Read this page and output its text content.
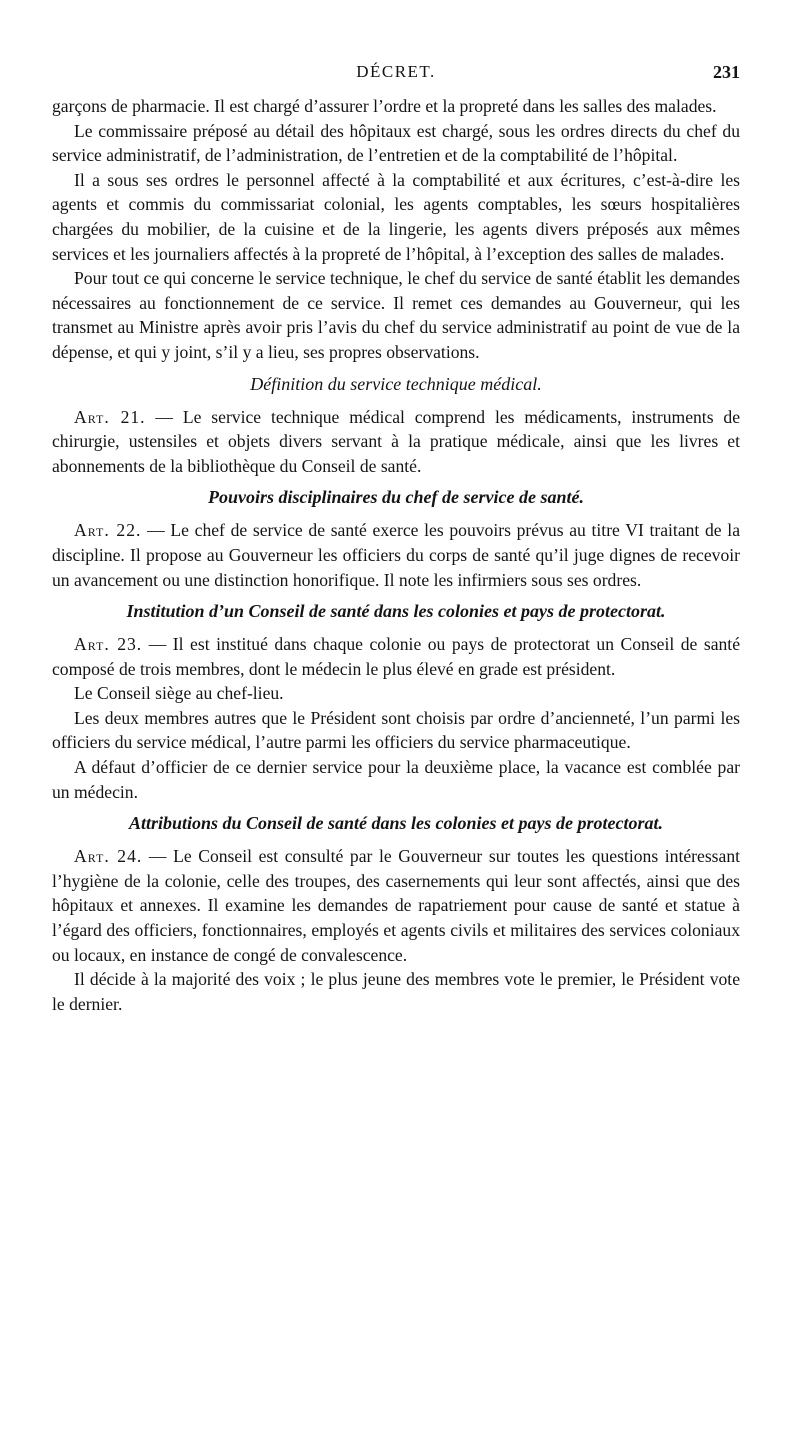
DÉCRET.	231

garçons de pharmacie. Il est chargé d’assurer l’ordre et la propreté dans les salles des malades.

Le commissaire préposé au détail des hôpitaux est chargé, sous les ordres directs du chef du service administratif, de l’administration, de l’entretien et de la comptabilité de l’hôpital.

Il a sous ses ordres le personnel affecté à la comptabilité et aux écritures, c’est-à-dire les agents et commis du commissariat colonial, les agents comptables, les sœurs hospitalières chargées du mobilier, de la cuisine et de la lingerie, les agents divers préposés aux mêmes services et les journaliers affectés à la propreté de l’hôpital, à l’exception des salles de malades.

Pour tout ce qui concerne le service technique, le chef du service de santé établit les demandes nécessaires au fonctionnement de ce service. Il remet ces demandes au Gouverneur, qui les transmet au Ministre après avoir pris l’avis du chef du service administratif au point de vue de la dépense, et qui y joint, s’il y a lieu, ses propres observations.

Définition du service technique médical.

Art. 21. — Le service technique médical comprend les médicaments, instruments de chirurgie, ustensiles et objets divers servant à la pratique médicale, ainsi que les livres et abonnements de la bibliothèque du Conseil de santé.

Pouvoirs disciplinaires du chef de service de santé.

Art. 22. — Le chef de service de santé exerce les pouvoirs prévus au titre VI traitant de la discipline. Il propose au Gouverneur les officiers du corps de santé qu’il juge dignes de recevoir un avancement ou une distinction honorifique. Il note les infirmiers sous ses ordres.

Institution d’un Conseil de santé dans les colonies et pays de protectorat.

Art. 23. — Il est institué dans chaque colonie ou pays de protectorat un Conseil de santé composé de trois membres, dont le médecin le plus élevé en grade est président.

Le Conseil siège au chef-lieu.

Les deux membres autres que le Président sont choisis par ordre d’ancienneté, l’un parmi les officiers du service médical, l’autre parmi les officiers du service pharmaceutique.

A défaut d’officier de ce dernier service pour la deuxième place, la vacance est comblée par un médecin.

Attributions du Conseil de santé dans les colonies et pays de protectorat.

Art. 24. — Le Conseil est consulté par le Gouverneur sur toutes les questions intéressant l’hygiène de la colonie, celle des troupes, des casernements qui leur sont affectés, ainsi que des hôpitaux et annexes. Il examine les demandes de rapatriement pour cause de santé et statue à l’égard des officiers, fonctionnaires, employés et agents civils et militaires des services coloniaux ou locaux, en instance de congé de convalescence.

Il décide à la majorité des voix ; le plus jeune des membres vote le premier, le Président vote le dernier.
